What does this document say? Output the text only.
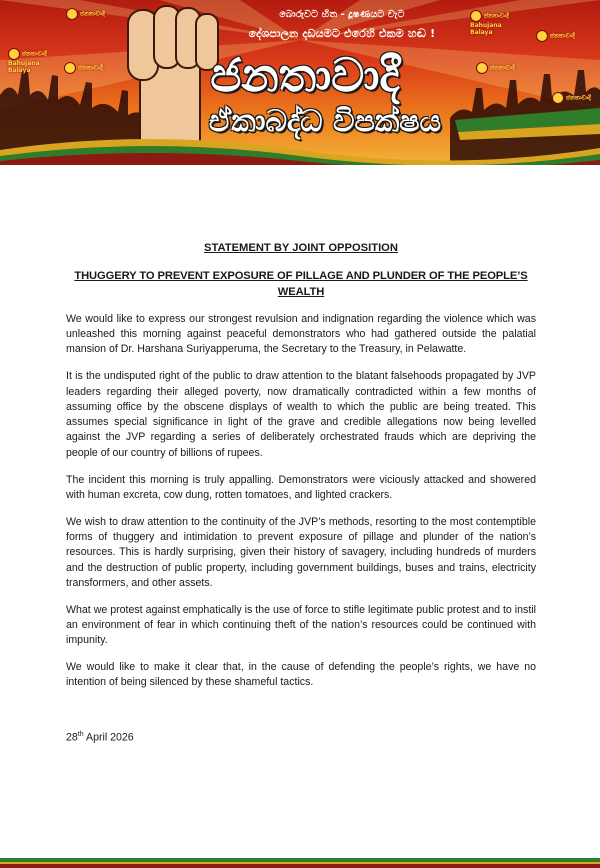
ජනතාවාදී
Bahujana Balaya	ජනතාවාදී
ජනතාවාදී	ජනතාවාදී
Bahujana Balaya	ජනතාවාදී
ජනතාවාදී
ජනතාවාදී
බොරුවට හිත - දූෂණයට වැට
දේශපාලන දඩයමට එරෙහි එකම හඬ !
ජනතාවාදී
ඒකාබද්ධ විපක්ෂය

STATEMENT BY JOINT OPPOSITION

THUGGERY TO PREVENT EXPOSURE OF PILLAGE AND PLUNDER OF THE PEOPLE’S WEALTH

We would like to express our strongest revulsion and indignation regarding the violence which was unleashed this morning against peaceful demonstrators who had gathered outside the palatial mansion of Dr. Harshana Suriyapperuma, the Secretary to the Treasury, in Pelawatte.

It is the undisputed right of the public to draw attention to the blatant falsehoods propagated by JVP leaders regarding their alleged poverty, now dramatically contradicted within a few months of assuming office by the obscene displays of wealth to which the public are being treated. This assumes special significance in light of the grave and credible allegations now being levelled against the JVP regarding a series of deliberately orchestrated frauds which are depriving the people of our country of billions of rupees.

The incident this morning is truly appalling. Demonstrators were viciously attacked and showered with human excreta, cow dung, rotten tomatoes, and lighted crackers.

We wish to draw attention to the continuity of the JVP’s methods, resorting to the most contemptible forms of thuggery and intimidation to prevent exposure of pillage and plunder of the nation’s resources. This is hardly surprising, given their history of savagery, including hundreds of murders and the destruction of public property, including government buildings, buses and trains, electricity transformers, and other assets.

What we protest against emphatically is the use of force to stifle legitimate public protest and to instil an environment of fear in which continuing theft of the nation’s resources could be continued with impunity.

We would like to make it clear that, in the cause of defending the people’s rights, we have no intention of being silenced by these shameful tactics.

28th April 2026
